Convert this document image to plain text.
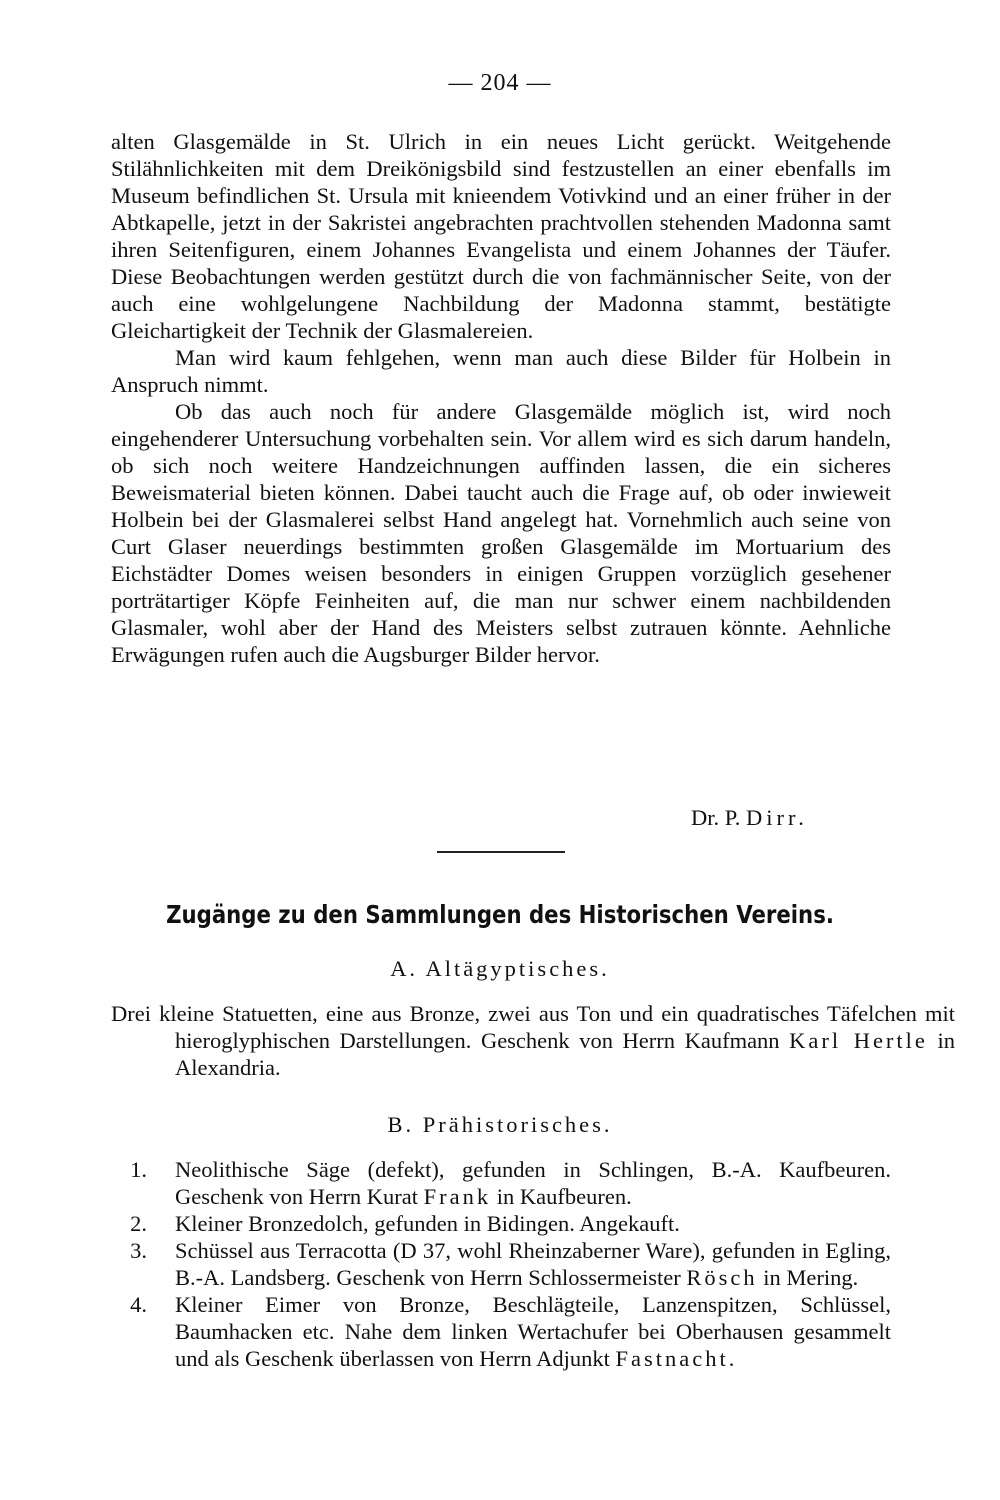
— 204 —

alten Glasgemälde in St. Ulrich in ein neues Licht gerückt. Weitgehende Stilähnlichkeiten mit dem Dreikönigsbild sind festzustellen an einer ebenfalls im Museum befindlichen St. Ursula mit knieendem Votivkind und an einer früher in der Abtkapelle, jetzt in der Sakristei angebrachten prachtvollen stehenden Madonna samt ihren Seitenfiguren, einem Johannes Evangelista und einem Johannes der Täufer. Diese Beobachtungen werden gestützt durch die von fachmännischer Seite, von der auch eine wohlgelungene Nachbildung der Madonna stammt, bestätigte Gleichartigkeit der Technik der Glasmalereien.

Man wird kaum fehlgehen, wenn man auch diese Bilder für Holbein in Anspruch nimmt.

Ob das auch noch für andere Glasgemälde möglich ist, wird noch eingehenderer Untersuchung vorbehalten sein. Vor allem wird es sich darum handeln, ob sich noch weitere Handzeichnungen auffinden lassen, die ein sicheres Beweismaterial bieten können. Dabei taucht auch die Frage auf, ob oder inwieweit Holbein bei der Glasmalerei selbst Hand angelegt hat. Vornehmlich auch seine von Curt Glaser neuerdings bestimmten großen Glasgemälde im Mortuarium des Eichstädter Domes weisen besonders in einigen Gruppen vorzüglich gesehener porträtartiger Köpfe Feinheiten auf, die man nur schwer einem nachbildenden Glasmaler, wohl aber der Hand des Meisters selbst zutrauen könnte. Aehnliche Erwägungen rufen auch die Augsburger Bilder hervor.

Dr. P. Dirr.
Zugänge zu den Sammlungen des Historischen Vereins.
A. Altägyptisches.
Drei kleine Statuetten, eine aus Bronze, zwei aus Ton und ein quadratisches Täfelchen mit hieroglyphischen Darstellungen. Geschenk von Herrn Kaufmann Karl Hertle in Alexandria.
B. Prähistorisches.
1. Neolithische Säge (defekt), gefunden in Schlingen, B.-A. Kaufbeuren. Geschenk von Herrn Kurat Frank in Kaufbeuren.
2. Kleiner Bronzedolch, gefunden in Bidingen. Angekauft.
3. Schüssel aus Terracotta (D 37, wohl Rheinzaberner Ware), gefunden in Egling, B.-A. Landsberg. Geschenk von Herrn Schlossermeister Rösch in Mering.
4. Kleiner Eimer von Bronze, Beschlägteile, Lanzenspitzen, Schlüssel, Baumhacken etc. Nahe dem linken Wertachufer bei Oberhausen gesammelt und als Geschenk überlassen von Herrn Adjunkt Fastnacht.
